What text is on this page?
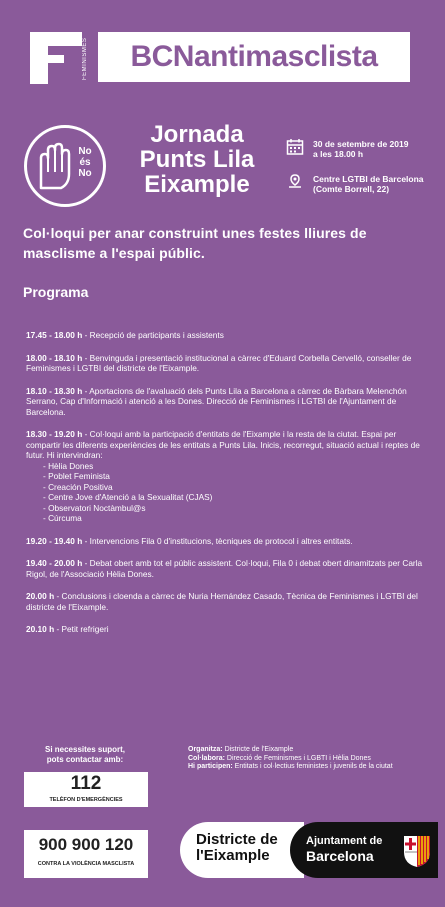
FEMINISMES	BCNantimasclista
No
és
No
Jornada
Punts Lila
Eixample
30 de setembre de 2019
a les 18.00 h
Centre LGTBI de Barcelona
(Comte Borrell, 22)
Col·loqui per anar construint unes festes lliures de masclisme a l'espai públic.
Programa
17.45 - 18.00 h - Recepció de participants i assistents
18.00 - 18.10 h - Benvinguda i presentació institucional a càrrec d'Eduard Corbella Cervelló, conseller de Feminismes i LGTBI del districte de l'Eixample.
18.10 - 18.30 h - Aportacions de l'avaluació dels Punts Lila a Barcelona a càrrec de Bàrbara Melenchón Serrano, Cap d'Informació i atenció a les Dones. Direcció de Feminismes i LGTBI de l'Ajuntament de Barcelona.
18.30 - 19.20 h - Col·loqui amb la participació d'entitats de l'Eixample i la resta de la ciutat. Espai per compartir les diferents experiències de les entitats a Punts Lila. Inicis, recorregut, situació actual i reptes de futur. Hi intervindran:
- Hèlia Dones
- Poblet Feminista
- Creación Positiva
- Centre Jove d'Atenció a la Sexualitat (CJAS)
- Observatori Noctàmbul@s
- Cúrcuma
19.20 - 19.40 h - Intervencions Fila 0 d'institucions, tècniques de protocol i altres entitats.
19.40 - 20.00 h - Debat obert amb tot el públic assistent. Col·loqui, Fila 0 i debat obert dinamitzats per Carla Rigol, de l'Associació Hèlia Dones.
20.00 h - Conclusions i cloenda a càrrec de Nuria Hernández Casado, Tècnica de Feminismes i LGTBI del districte de l'Eixample.
20.10 h - Petit refrigeri
Si necessites suport,
pots contactar amb:
112
TELÈFON D'EMERGÈNCIES
900 900 120
CONTRA LA VIOLÈNCIA MASCLISTA
Organitza: Districte de l'Eixample
Col·labora: Direcció de Feminismes i LGBTI i Hèlia Dones
Hi participen: Entitats i col·lectius feministes i juvenils de la ciutat
Districte de
l'Eixample
Ajuntament de
Barcelona
